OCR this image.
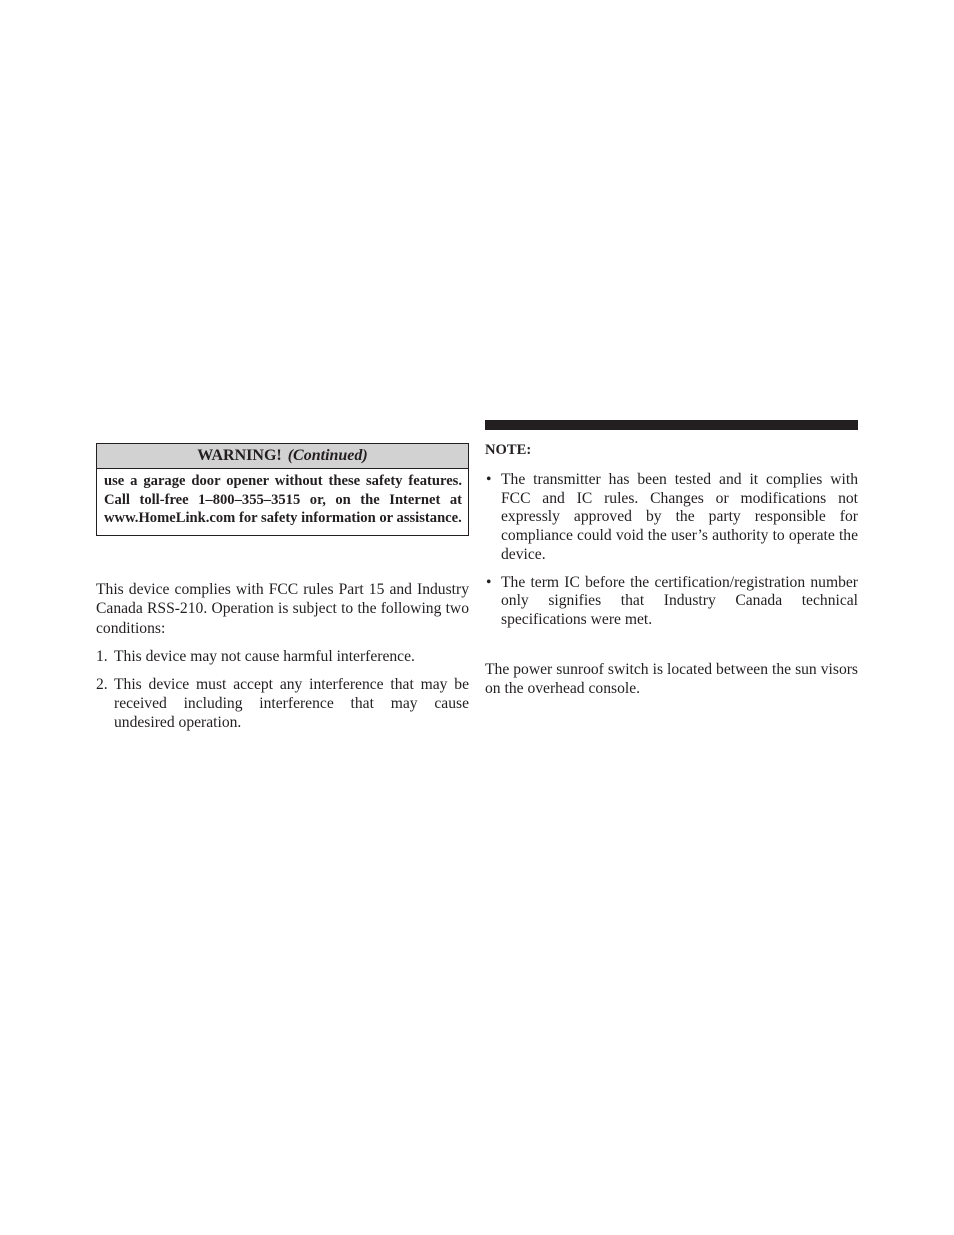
WARNING! (Continued)
use a garage door opener without these safety features. Call toll-free 1–800–355–3515 or, on the Internet at www.HomeLink.com for safety information or assistance.

This device complies with FCC rules Part 15 and Industry Canada RSS-210. Operation is subject to the following two conditions:

1. This device may not cause harmful interference.
2. This device must accept any interference that may be received including interference that may cause undesired operation.
NOTE:
• The transmitter has been tested and it complies with FCC and IC rules. Changes or modifications not expressly approved by the party responsible for compliance could void the user’s authority to operate the device.
• The term IC before the certification/registration number only signifies that Industry Canada technical specifications were met.

The power sunroof switch is located between the sun visors on the overhead console.
